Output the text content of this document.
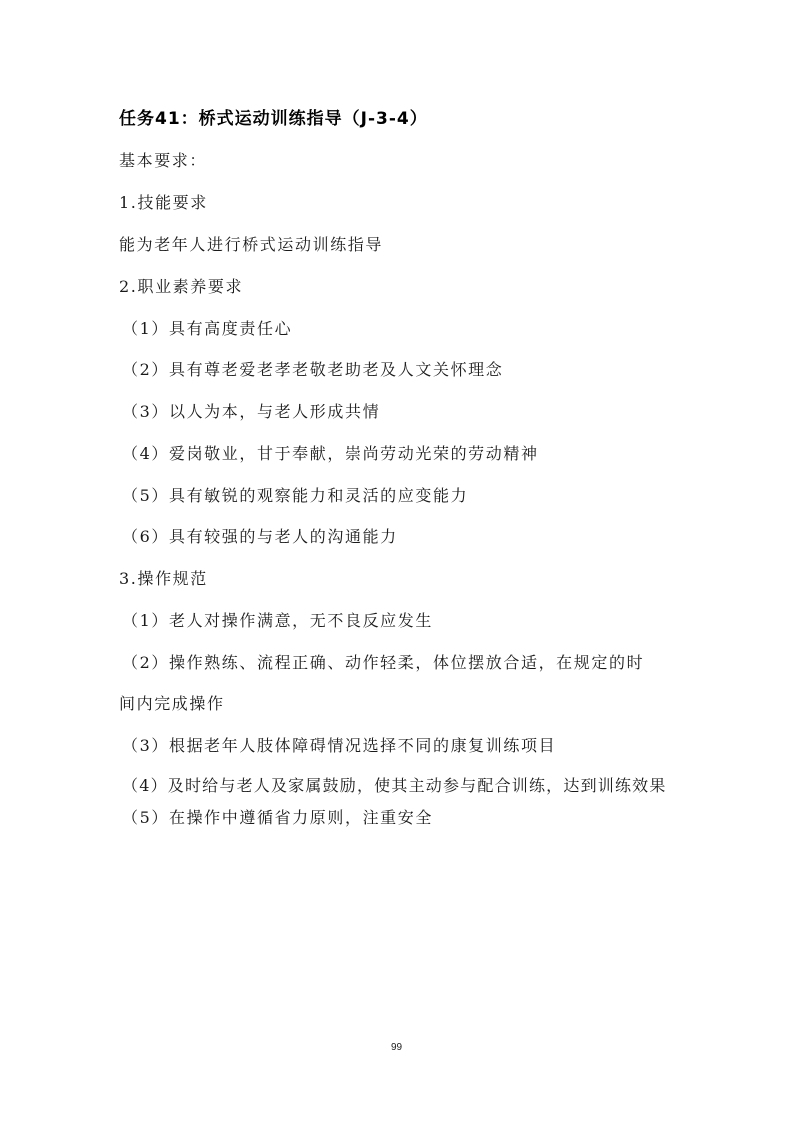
任务41：桥式运动训练指导（J-3-4）
基本要求：
1.技能要求
能为老年人进行桥式运动训练指导
2.职业素养要求
（1）具有高度责任心
（2）具有尊老爱老孝老敬老助老及人文关怀理念
（3）以人为本，与老人形成共情
（4）爱岗敬业，甘于奉献，崇尚劳动光荣的劳动精神
（5）具有敏锐的观察能力和灵活的应变能力
（6）具有较强的与老人的沟通能力
3.操作规范
（1）老人对操作满意，无不良反应发生
（2）操作熟练、流程正确、动作轻柔，体位摆放合适，在规定的时
间内完成操作
（3）根据老年人肢体障碍情况选择不同的康复训练项目
（4）及时给与老人及家属鼓励，使其主动参与配合训练，达到训练效果
（5）在操作中遵循省力原则，注重安全
99
